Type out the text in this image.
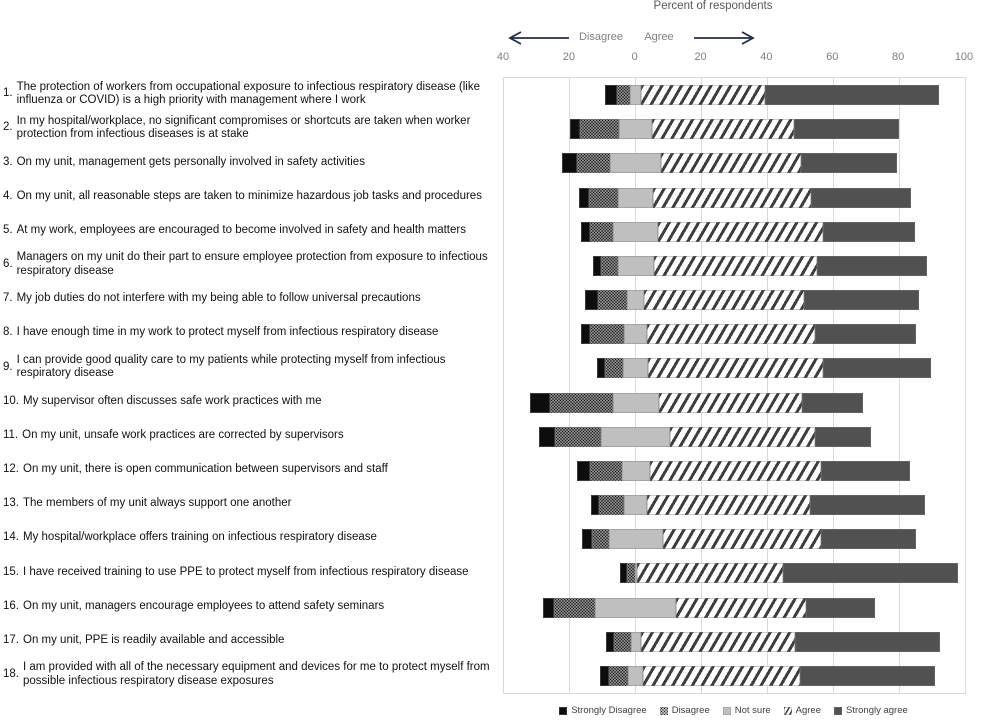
Percent of respondents
Disagree	Agree
40	20	0	20	40	60	80	100
1.
The protection of workers from occupational exposure to infectious respiratory disease (like influenza or COVID) is a high priority with management where I work
2.
In my hospital/workplace, no significant compromises or shortcuts are taken when worker protection from infectious diseases is at stake
3. On my unit, management gets personally involved in safety activities
4. On my unit, all reasonable steps are taken to minimize hazardous job tasks and procedures
5. At my work, employees are encouraged to become involved in safety and health matters
6.
Managers on my unit do their part to ensure employee protection from exposure to infectious respiratory disease
7. My job duties do not interfere with my being able to follow universal precautions
8. I have enough time in my work to protect myself from infectious respiratory disease
9.
I can provide good quality care to my patients while protecting myself from infectious respiratory disease
10. My supervisor often discusses safe work practices with me
11. On my unit, unsafe work practices are corrected by supervisors
12. On my unit, there is open communication between supervisors and staff
13. The members of my unit always support one another
14. My hospital/workplace offers training on infectious respiratory disease
15. I have received training to use PPE to protect myself from infectious respiratory disease
16. On my unit, managers encourage employees to attend safety seminars
17. On my unit, PPE is readily available and accessible
18.
I am provided with all of the necessary equipment and devices for me to protect myself from possible infectious respiratory disease exposures
Strongly Disagree	Disagree	Not sure	Agree	Strongly agree
